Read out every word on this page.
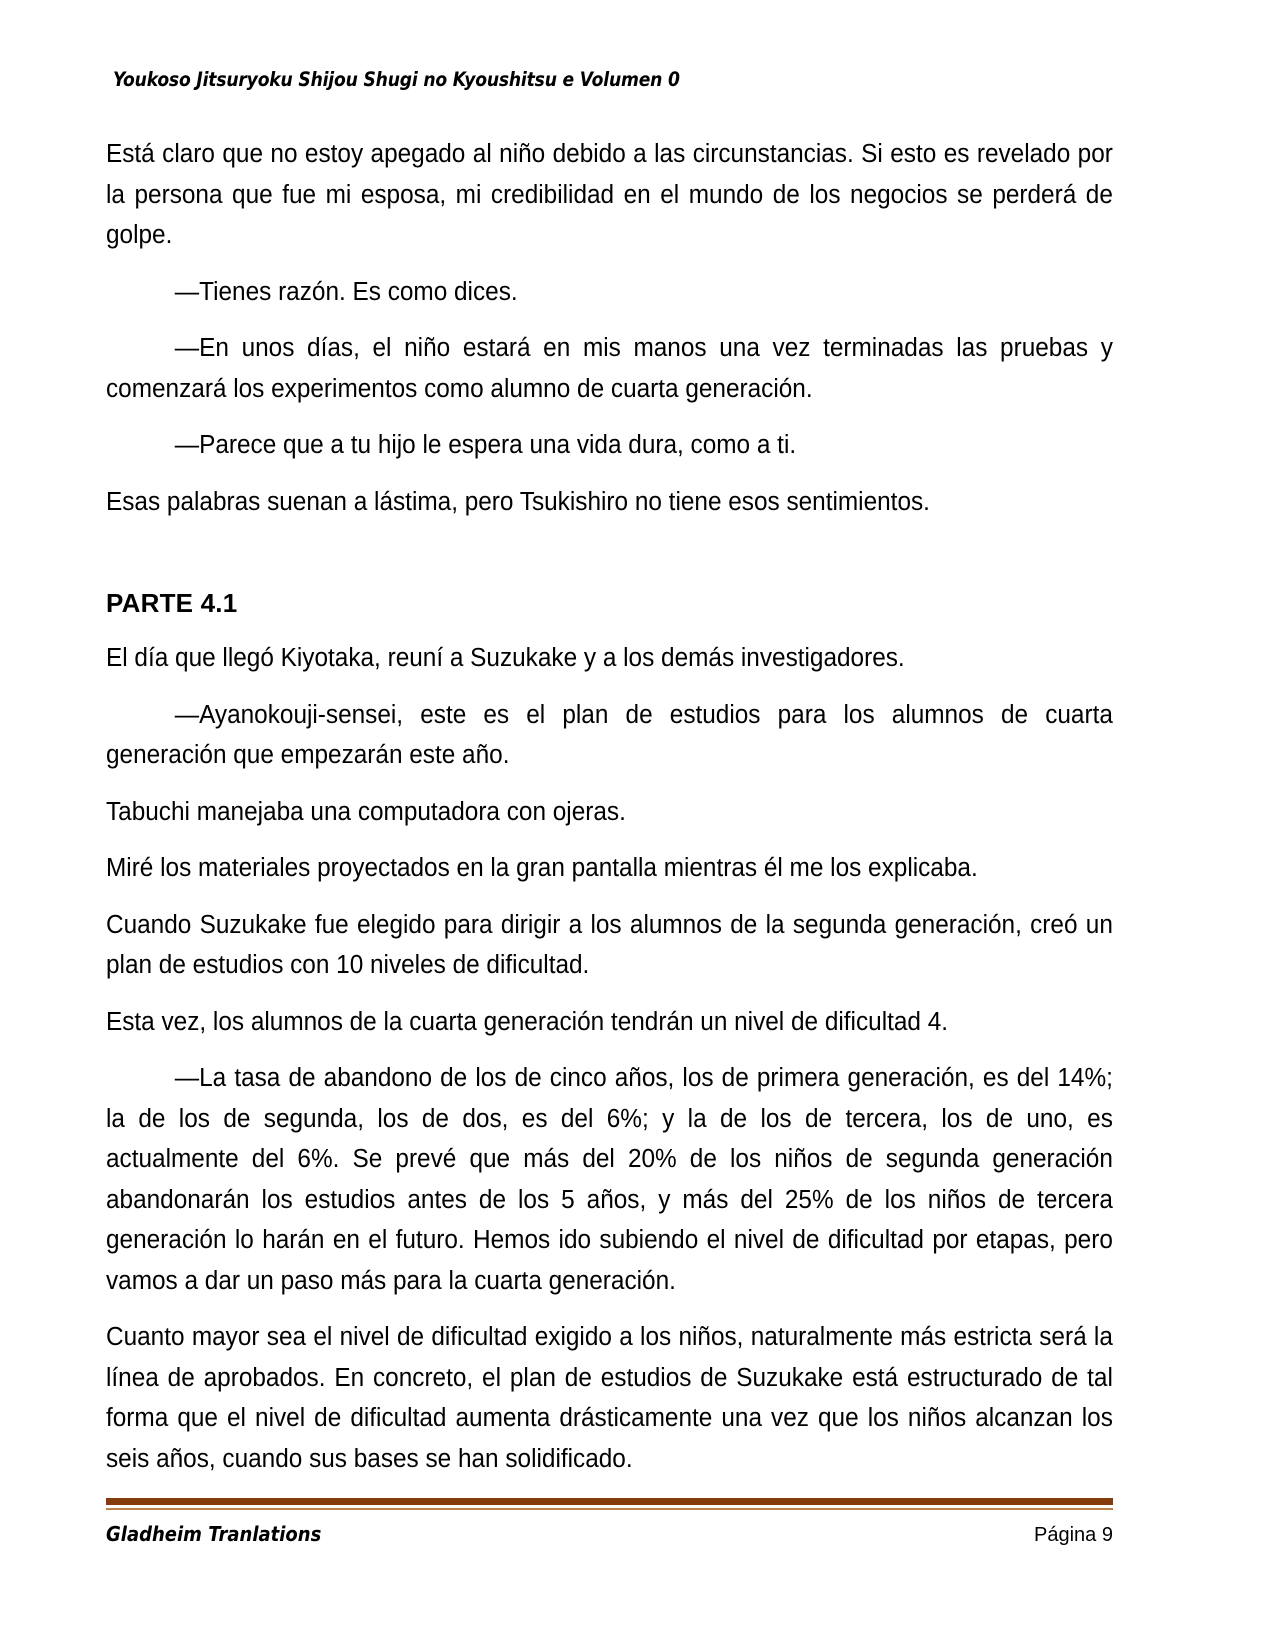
Youkoso Jitsuryoku Shijou Shugi no Kyoushitsu e Volumen 0

Está claro que no estoy apegado al niño debido a las circunstancias. Si esto es revelado por la persona que fue mi esposa, mi credibilidad en el mundo de los negocios se perderá de golpe.

—Tienes razón. Es como dices.

—En unos días, el niño estará en mis manos una vez terminadas las pruebas y comenzará los experimentos como alumno de cuarta generación.

—Parece que a tu hijo le espera una vida dura, como a ti.

Esas palabras suenan a lástima, pero Tsukishiro no tiene esos sentimientos.

PARTE 4.1

El día que llegó Kiyotaka, reuní a Suzukake y a los demás investigadores.

—Ayanokouji-sensei, este es el plan de estudios para los alumnos de cuarta generación que empezarán este año.

Tabuchi manejaba una computadora con ojeras.

Miré los materiales proyectados en la gran pantalla mientras él me los explicaba.

Cuando Suzukake fue elegido para dirigir a los alumnos de la segunda generación, creó un plan de estudios con 10 niveles de dificultad.

Esta vez, los alumnos de la cuarta generación tendrán un nivel de dificultad 4.

—La tasa de abandono de los de cinco años, los de primera generación, es del 14%; la de los de segunda, los de dos, es del 6%; y la de los de tercera, los de uno, es actualmente del 6%. Se prevé que más del 20% de los niños de segunda generación abandonarán los estudios antes de los 5 años, y más del 25% de los niños de tercera generación lo harán en el futuro. Hemos ido subiendo el nivel de dificultad por etapas, pero vamos a dar un paso más para la cuarta generación.

Cuanto mayor sea el nivel de dificultad exigido a los niños, naturalmente más estricta será la línea de aprobados. En concreto, el plan de estudios de Suzukake está estructurado de tal forma que el nivel de dificultad aumenta drásticamente una vez que los niños alcanzan los seis años, cuando sus bases se han solidificado.

Gladheim Tranlations	Página 9
